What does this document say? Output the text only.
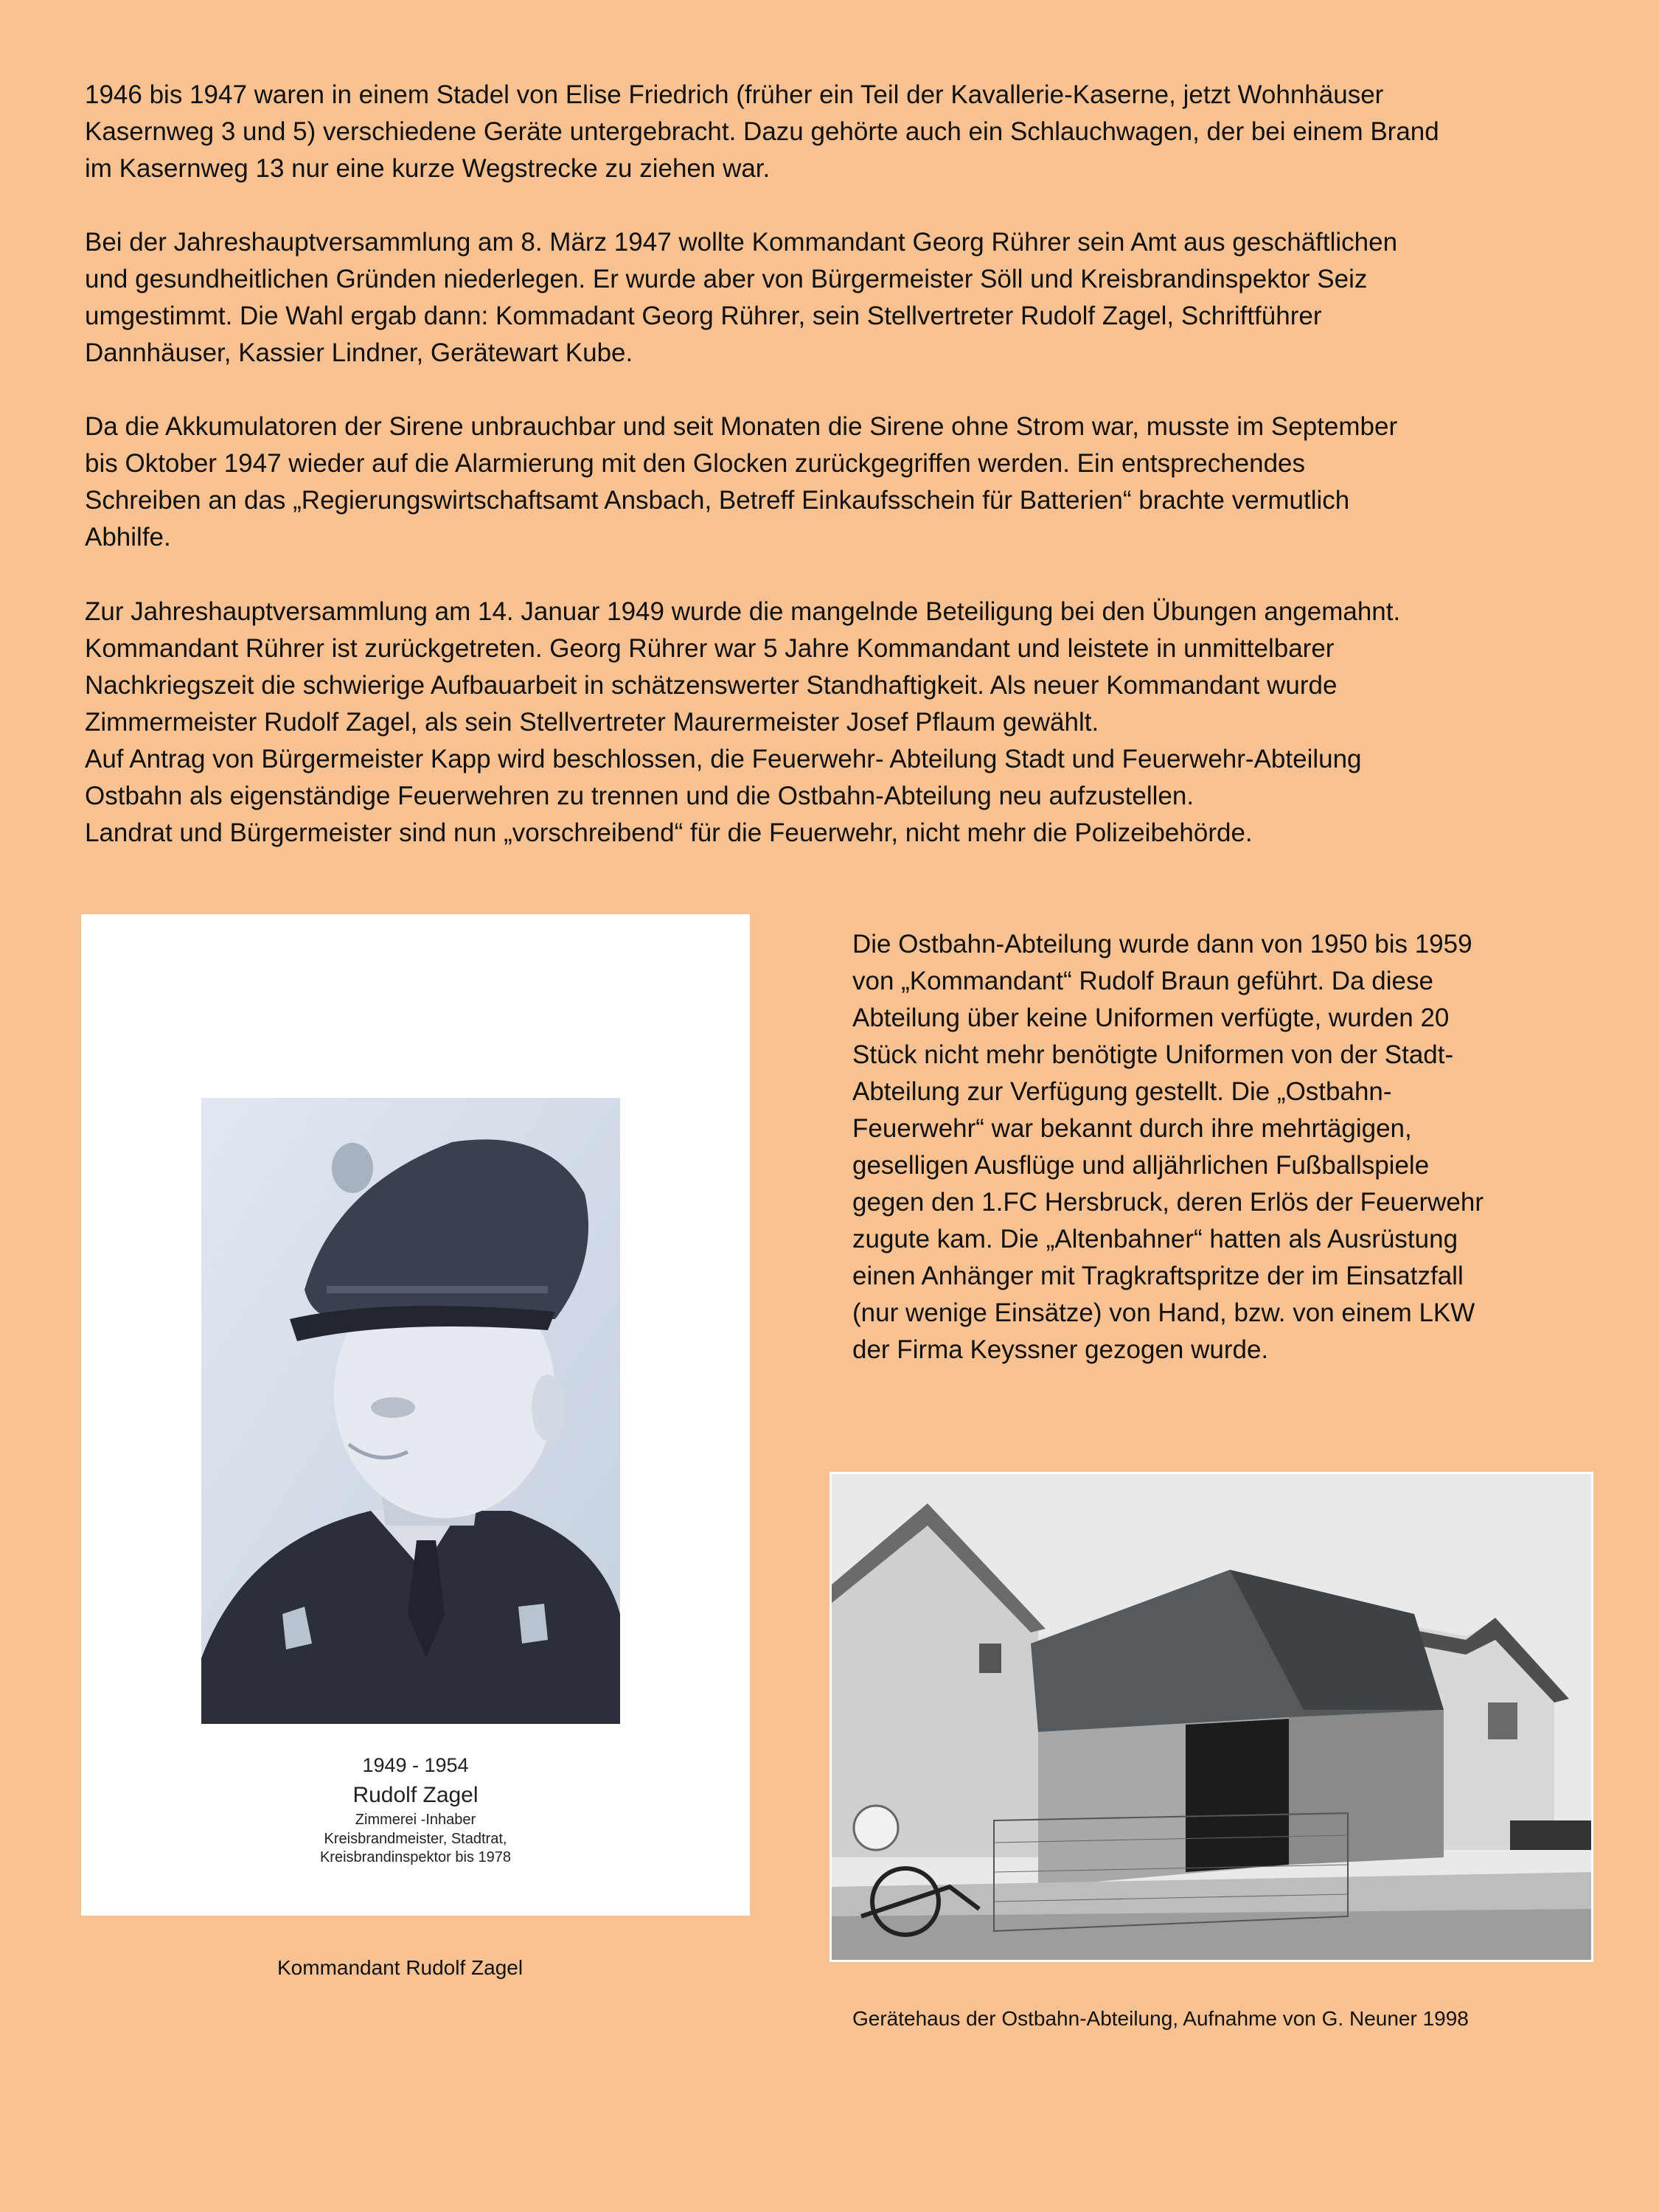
1946 bis 1947 waren in einem Stadel von Elise Friedrich (früher ein Teil der Kavallerie-Kaserne, jetzt Wohnhäuser
Kasernweg 3 und 5) verschiedene Geräte untergebracht. Dazu gehörte auch ein Schlauchwagen, der bei einem Brand
im Kasernweg 13 nur eine kurze Wegstrecke zu ziehen war.

Bei der Jahreshauptversammlung am 8. März 1947 wollte Kommandant Georg Rührer sein Amt aus geschäftlichen
und gesundheitlichen Gründen niederlegen. Er wurde aber von Bürgermeister Söll und Kreisbrandinspektor Seiz
umgestimmt. Die Wahl ergab dann: Kommadant Georg Rührer, sein Stellvertreter Rudolf Zagel, Schriftführer
Dannhäuser, Kassier Lindner, Gerätewart Kube.

Da die Akkumulatoren der Sirene unbrauchbar und seit Monaten die Sirene ohne Strom war, musste im September
bis Oktober 1947 wieder auf die Alarmierung mit den Glocken zurückgegriffen werden. Ein entsprechendes
Schreiben an das „Regierungswirtschaftsamt Ansbach, Betreff Einkaufsschein für Batterien“ brachte vermutlich
Abhilfe.

Zur Jahreshauptversammlung am 14. Januar 1949 wurde die mangelnde Beteiligung bei den Übungen angemahnt.
Kommandant Rührer ist zurückgetreten. Georg Rührer war 5 Jahre Kommandant und leistete in unmittelbarer
Nachkriegszeit die schwierige Aufbauarbeit in schätzenswerter Standhaftigkeit. Als neuer Kommandant wurde
Zimmermeister Rudolf Zagel, als sein Stellvertreter Maurermeister Josef Pflaum gewählt.
Auf Antrag von Bürgermeister Kapp wird beschlossen, die Feuerwehr- Abteilung Stadt und Feuerwehr-Abteilung
Ostbahn als eigenständige Feuerwehren zu trennen und die Ostbahn-Abteilung neu aufzustellen.
Landrat und Bürgermeister sind nun „vorschreibend“ für die Feuerwehr, nicht mehr die Polizeibehörde.

1949 - 1954

Rudolf Zagel

Zimmerei -Inhaber

Kreisbrandmeister, Stadtrat,

Kreisbrandinspektor bis 1978

Kommandant Rudolf Zagel

Die Ostbahn-Abteilung wurde dann von 1950 bis 1959
von „Kommandant“ Rudolf Braun geführt. Da diese
Abteilung über keine Uniformen verfügte, wurden 20
Stück nicht mehr benötigte Uniformen von der Stadt-
Abteilung zur Verfügung gestellt. Die „Ostbahn-
Feuerwehr“ war bekannt durch ihre mehrtägigen,
geselligen Ausflüge und alljährlichen Fußballspiele
gegen den 1.FC Hersbruck, deren Erlös der Feuerwehr
zugute kam. Die „Altenbahner“ hatten als Ausrüstung
einen Anhänger mit Tragkraftspritze der im Einsatzfall
(nur wenige Einsätze) von Hand, bzw. von einem LKW
der Firma Keyssner gezogen wurde.

Gerätehaus der Ostbahn-Abteilung, Aufnahme von G. Neuner 1998
